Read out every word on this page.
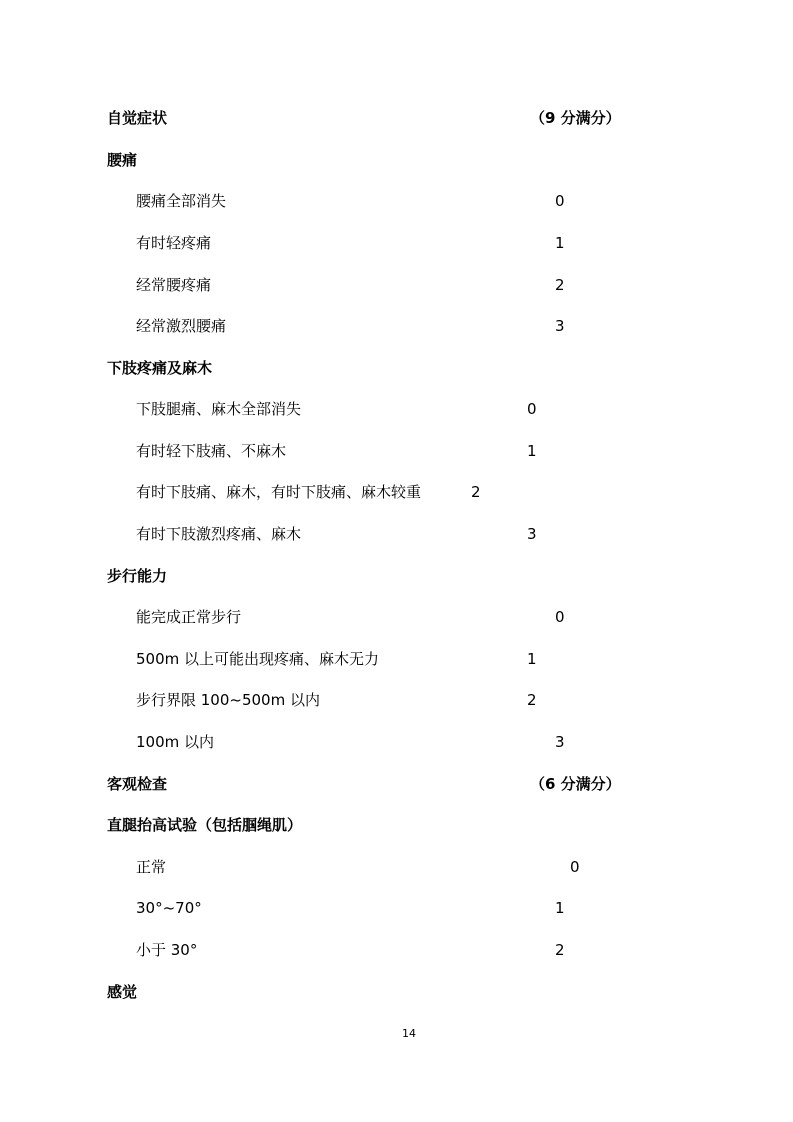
自觉症状	（9 分满分）
腰痛
腰痛全部消失	0
有时轻疼痛	1
经常腰疼痛	2
经常激烈腰痛	3
下肢疼痛及麻木
下肢腿痛、麻木全部消失	0
有时轻下肢痛、不麻木	1
有时下肢痛、麻木，有时下肢痛、麻木较重	2
有时下肢激烈疼痛、麻木	3
步行能力
能完成正常步行	0
500m 以上可能出现疼痛、麻木无力	1
步行界限 100~500m 以内	2
100m 以内	3
客观检查	（6 分满分）
直腿抬高试验（包括腘绳肌）
正常	0
30°~70°	1
小于 30°	2
感觉
14
